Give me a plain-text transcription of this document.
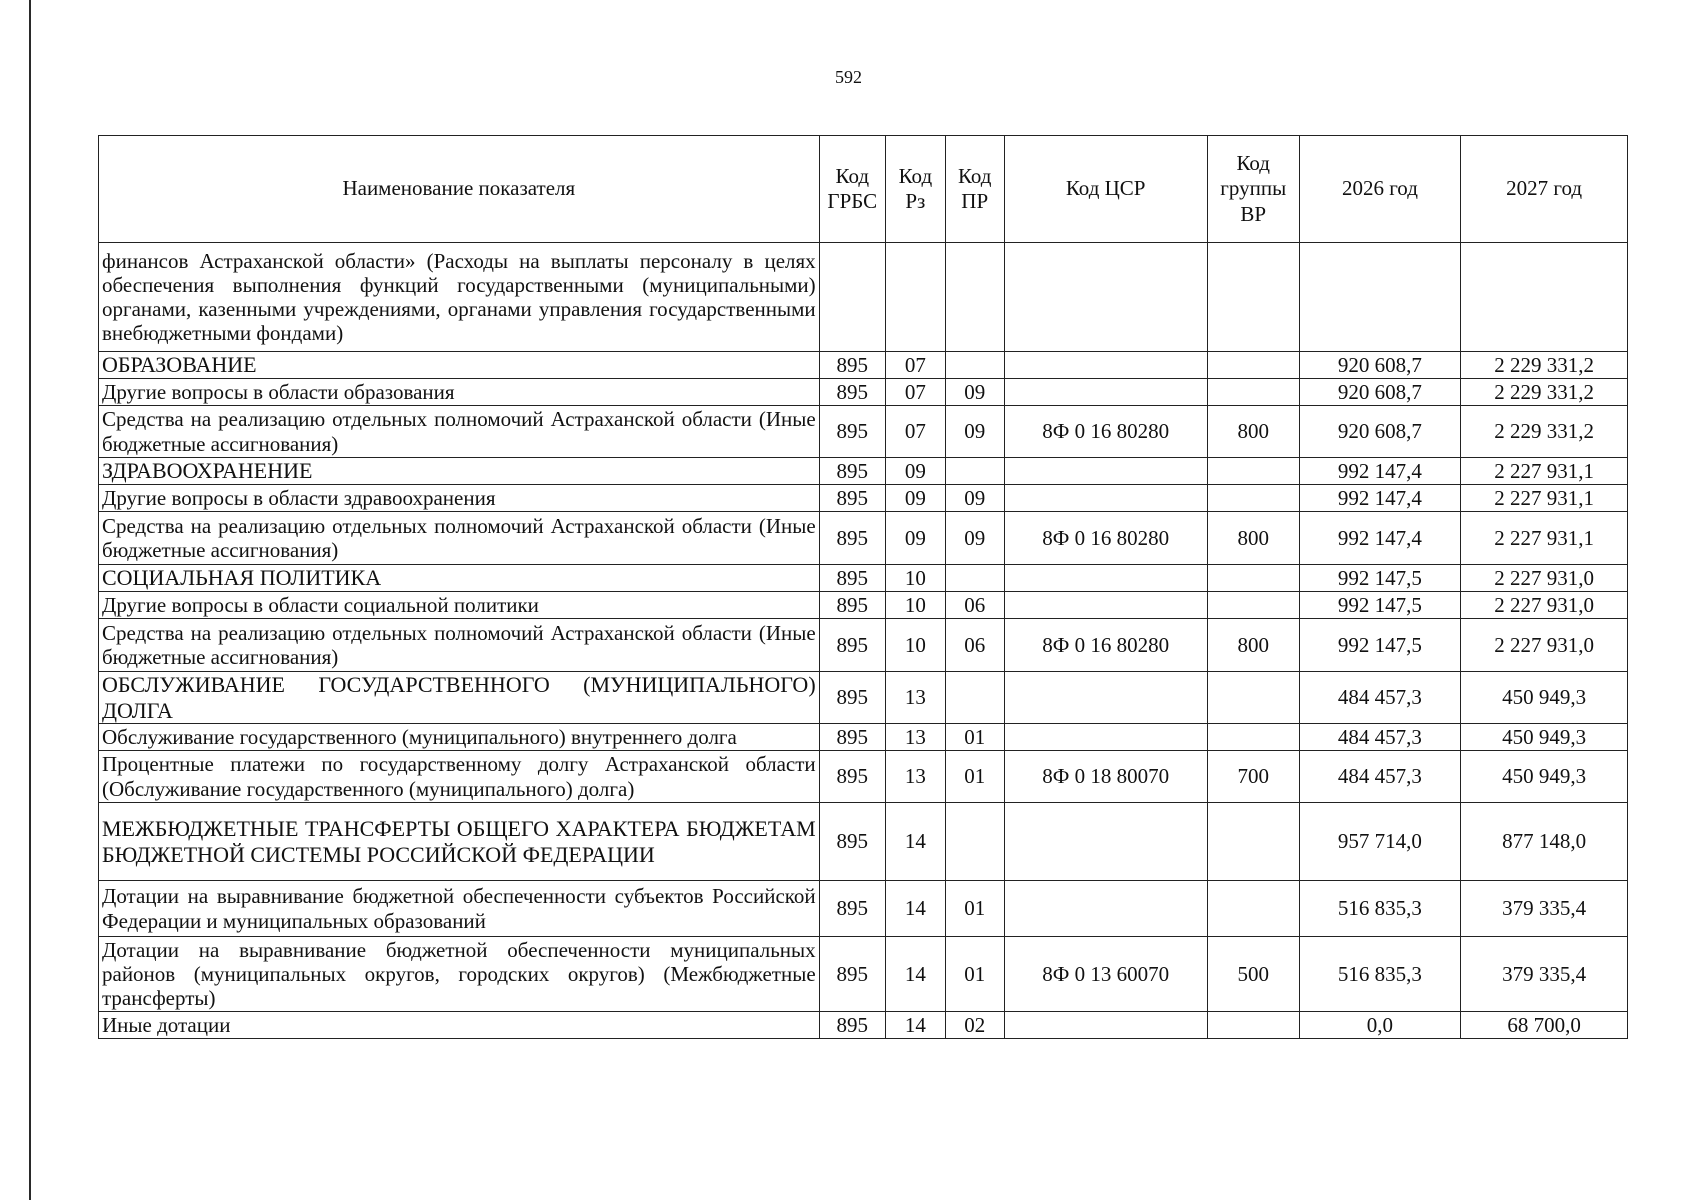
592
Наименование показателя	Код ГРБС	Код Рз	Код ПР	Код ЦСР	Код группы ВР	2026 год	2027 год
финансов Астраханской области» (Расходы на выплаты персоналу в целях обеспечения выполнения функций государственными (муниципальными) органами, казенными учреждениями, органами управления государственными внебюджетными фондами)							
ОБРАЗОВАНИЕ	895	07				920 608,7	2 229 331,2
Другие вопросы в области образования	895	07	09			920 608,7	2 229 331,2
Средства на реализацию отдельных полномочий Астраханской области (Иные бюджетные ассигнования)	895	07	09	8Ф 0 16 80280	800	920 608,7	2 229 331,2
ЗДРАВООХРАНЕНИЕ	895	09				992 147,4	2 227 931,1
Другие вопросы в области здравоохранения	895	09	09			992 147,4	2 227 931,1
Средства на реализацию отдельных полномочий Астраханской области (Иные бюджетные ассигнования)	895	09	09	8Ф 0 16 80280	800	992 147,4	2 227 931,1
СОЦИАЛЬНАЯ ПОЛИТИКА	895	10				992 147,5	2 227 931,0
Другие вопросы в области социальной политики	895	10	06			992 147,5	2 227 931,0
Средства на реализацию отдельных полномочий Астраханской области (Иные бюджетные ассигнования)	895	10	06	8Ф 0 16 80280	800	992 147,5	2 227 931,0
ОБСЛУЖИВАНИЕ ГОСУДАРСТВЕННОГО (МУНИЦИПАЛЬНОГО) ДОЛГА	895	13				484 457,3	450 949,3
Обслуживание государственного (муниципального) внутреннего долга	895	13	01			484 457,3	450 949,3
Процентные платежи по государственному долгу Астраханской области (Обслуживание государственного (муниципального) долга)	895	13	01	8Ф 0 18 80070	700	484 457,3	450 949,3
МЕЖБЮДЖЕТНЫЕ ТРАНСФЕРТЫ ОБЩЕГО ХАРАКТЕРА БЮДЖЕТАМ БЮДЖЕТНОЙ СИСТЕМЫ РОССИЙСКОЙ ФЕДЕРАЦИИ	895	14				957 714,0	877 148,0
Дотации на выравнивание бюджетной обеспеченности субъектов Российской Федерации и муниципальных образований	895	14	01			516 835,3	379 335,4
Дотации на выравнивание бюджетной обеспеченности муниципальных районов (муниципальных округов, городских округов) (Межбюджетные трансферты)	895	14	01	8Ф 0 13 60070	500	516 835,3	379 335,4
Иные дотации	895	14	02			0,0	68 700,0
